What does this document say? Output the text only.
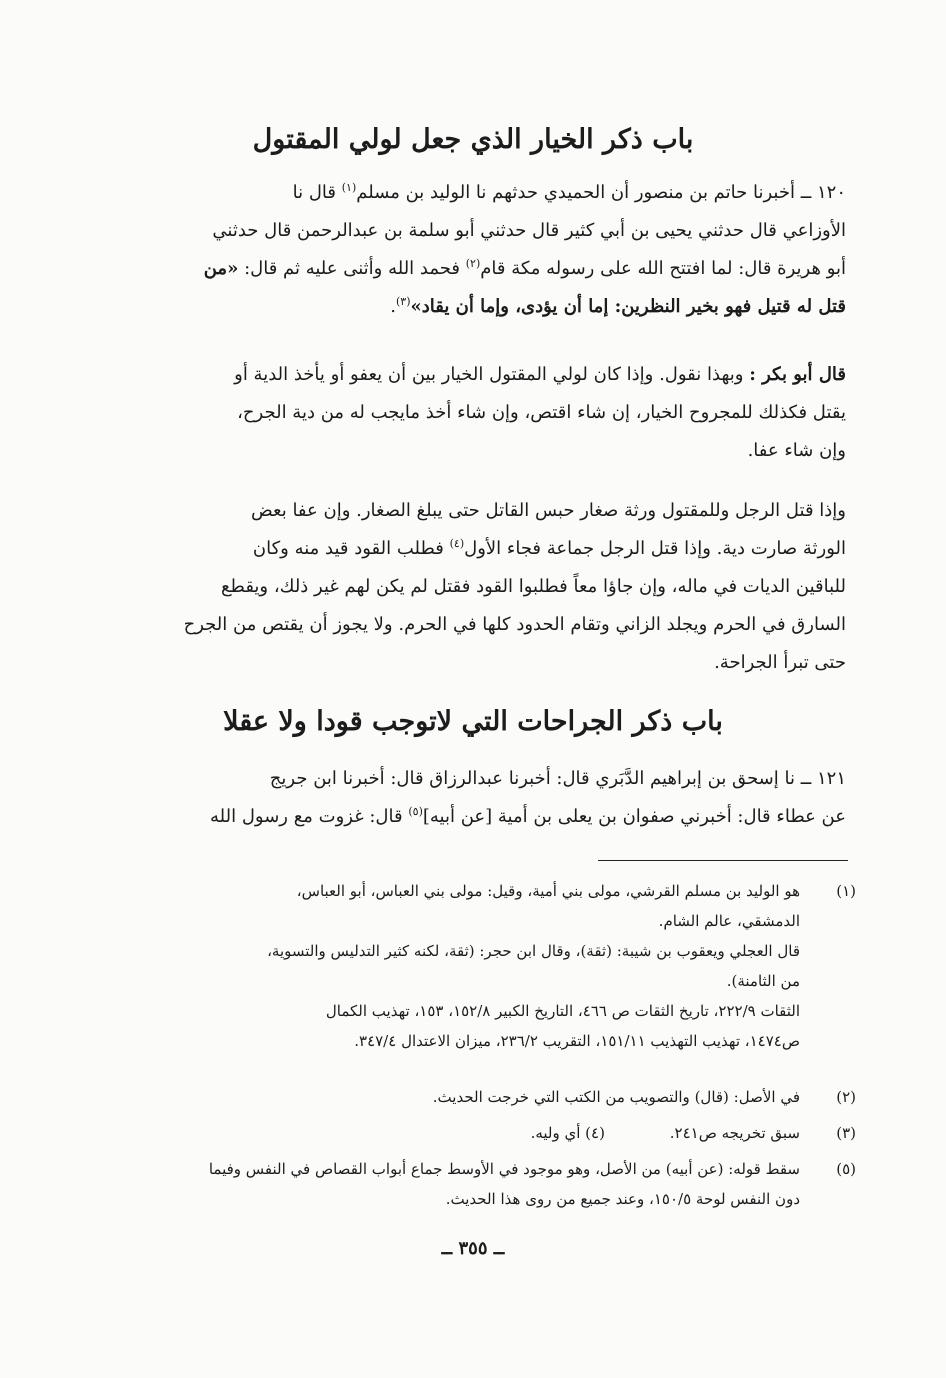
باب ذكر الخيار الذي جعل لولي المقتول
١٢٠ ــ أخبرنا حاتم بن منصور أن الحميدي حدثهم نا الوليد بن مسلم$^{(١)}$ قال نا
الأوزاعي قال حدثني يحيى بن أبي كثير قال حدثني أبو سلمة بن عبدالرحمن قال حدثني
أبو هريرة قال: لما افتتح الله على رسوله مكة قام$^{(٢)}$ فحمد الله وأثنى عليه ثم قال: «من
قتل له قتيل فهو بخير النظرين: إما أن يؤدى، وإما أن يقاد»$^{(٣)}$.
قال أبو بكر : وبهذا نقول. وإذا كان لولي المقتول الخيار بين أن يعفو أو يأخذ الدية أو
يقتل فكذلك للمجروح الخيار، إن شاء اقتص، وإن شاء أخذ مايجب له من دية الجرح،
وإن شاء عفا.
وإذا قتل الرجل وللمقتول ورثة صغار حبس القاتل حتى يبلغ الصغار. وإن عفا بعض
الورثة صارت دية. وإذا قتل الرجل جماعة فجاء الأول$^{(٤)}$ فطلب القود قيد منه وكان
للباقين الديات في ماله، وإن جاؤا معاً فطلبوا القود فقتل لم يكن لهم غير ذلك، ويقطع
السارق في الحرم ويجلد الزاني وتقام الحدود كلها في الحرم. ولا يجوز أن يقتص من الجرح
حتى تبرأ الجراحة.
باب ذكر الجراحات التي لاتوجب قودا ولا عقلا
١٢١ ــ نا إسحق بن إبراهيم الدَّبَري قال: أخبرنا عبدالرزاق قال: أخبرنا ابن جريج
عن عطاء قال: أخبرني صفوان بن يعلى بن أمية [عن أبيه]$^{(٥)}$ قال: غزوت مع رسول الله
(١)
هو الوليد بن مسلم القرشي، مولى بني أمية، وقيل: مولى بني العباس، أبو العباس،
الدمشقي، عالم الشام.
قال العجلي ويعقوب بن شيبة: (ثقة)، وقال ابن حجر: (ثقة، لكنه كثير التدليس والتسوية،
من الثامنة).
الثقات ٢٢٢/٩، تاريخ الثقات ص ٤٦٦، التاريخ الكبير ١٥٢/٨، ١٥٣، تهذيب الكمال
ص١٤٧٤، تهذيب التهذيب ١٥١/١١، التقريب ٢٣٦/٢، ميزان الاعتدال ٣٤٧/٤.
(٢)
في الأصل: (قال) والتصويب من الكتب التي خرجت الحديث.
(٣)
سبق تخريجه ص٢٤١. (٤) أي وليه.
(٥)
سقط قوله: (عن أبيه) من الأصل، وهو موجود في الأوسط جماع أبواب القصاص في النفس وفيما
دون النفس لوحة ١٥٠/٥، وعند جميع من روى هذا الحديث.
ــ ٣٥٥ ــ
